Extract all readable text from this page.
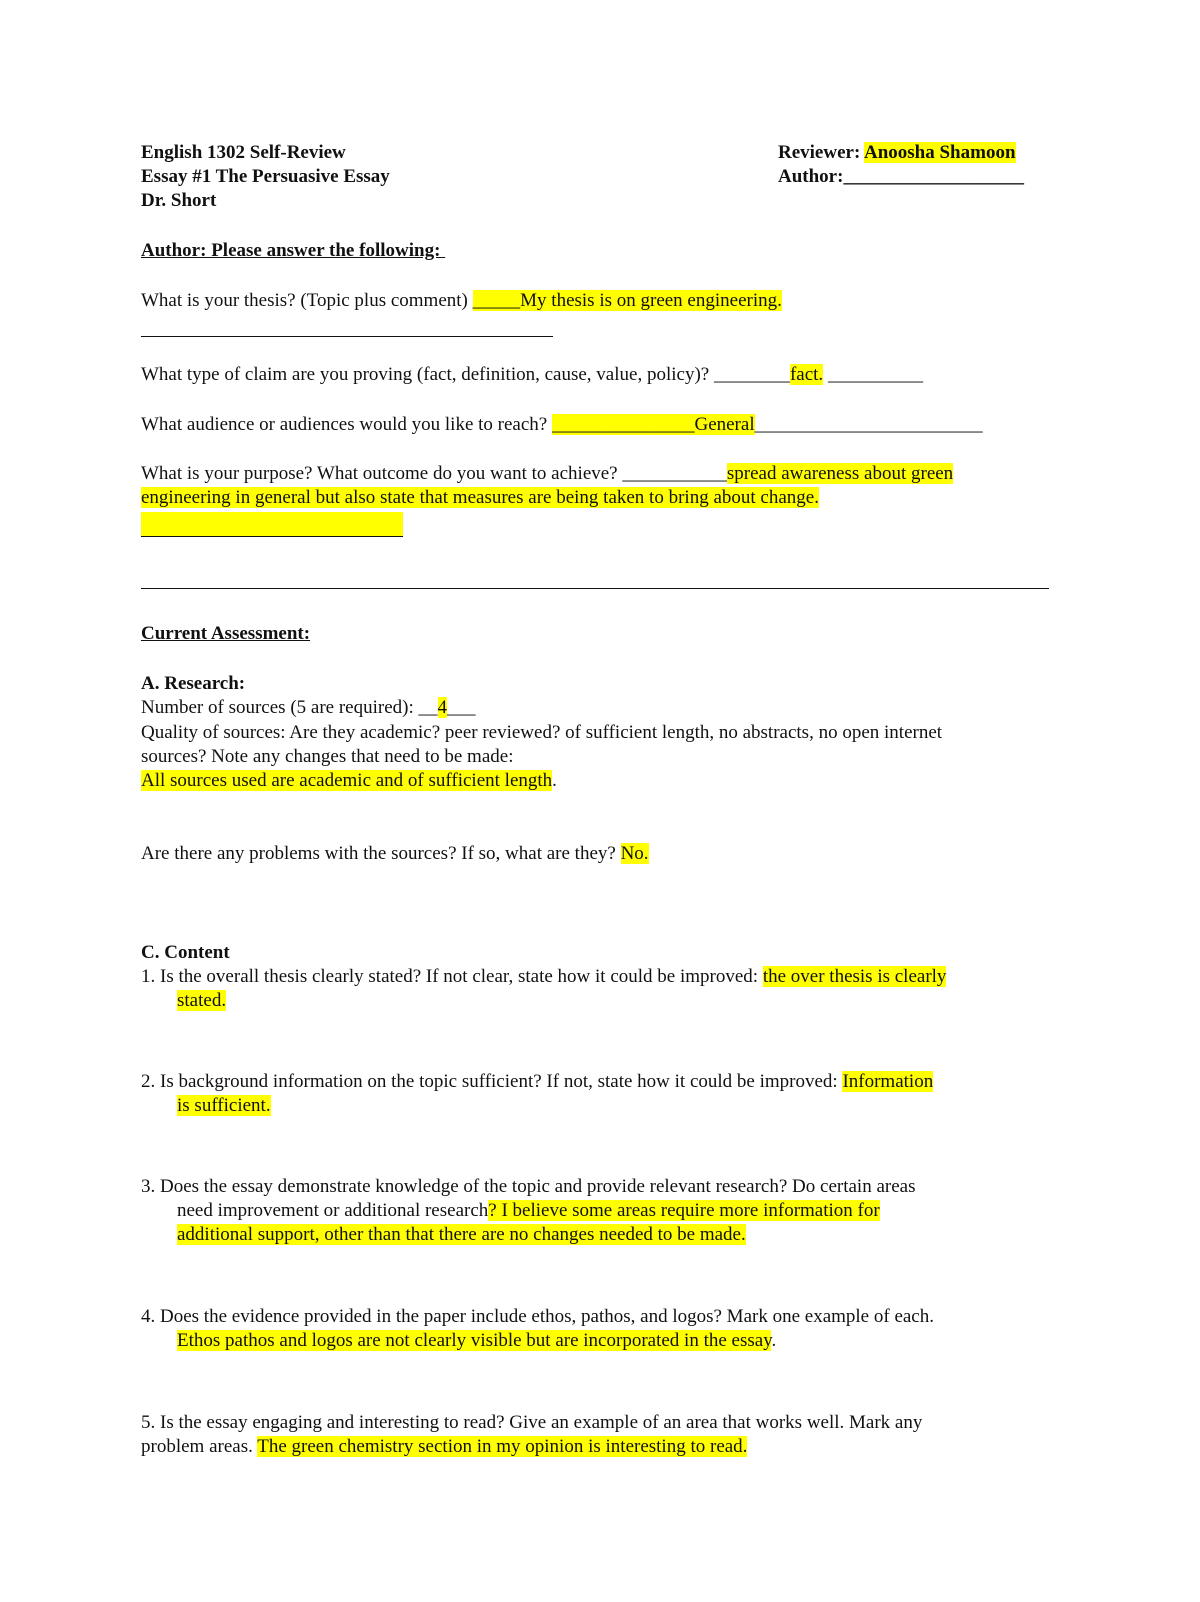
English 1302 Self-Review
Essay #1 The Persuasive Essay
Dr. Short
Reviewer: Anoosha Shamoon
Author:___________________
Author: Please answer the following:
What is your thesis? (Topic plus comment) _____My thesis is on green engineering.
What type of claim are you proving (fact, definition, cause, value, policy)? ________fact. __________
What audience or audiences would you like to reach? _______________General________________________
What is your purpose? What outcome do you want to achieve? ___________spread awareness about green
engineering in general but also state that measures are being taken to bring about change.
Current Assessment:
A. Research:
Number of sources (5 are required): __4___
Quality of sources: Are they academic? peer reviewed? of sufficient length, no abstracts, no open internet
sources? Note any changes that need to be made:
All sources used are academic and of sufficient length.
Are there any problems with the sources? If so, what are they? No.
C. Content
1. Is the overall thesis clearly stated? If not clear, state how it could be improved: the over thesis is clearly
stated.
2. Is background information on the topic sufficient? If not, state how it could be improved: Information
is sufficient.
3. Does the essay demonstrate knowledge of the topic and provide relevant research? Do certain areas
need improvement or additional research? I believe some areas require more information for
additional support, other than that there are no changes needed to be made.
4. Does the evidence provided in the paper include ethos, pathos, and logos? Mark one example of each.
Ethos pathos and logos are not clearly visible but are incorporated in the essay.
5. Is the essay engaging and interesting to read? Give an example of an area that works well. Mark any
problem areas. The green chemistry section in my opinion is interesting to read.
